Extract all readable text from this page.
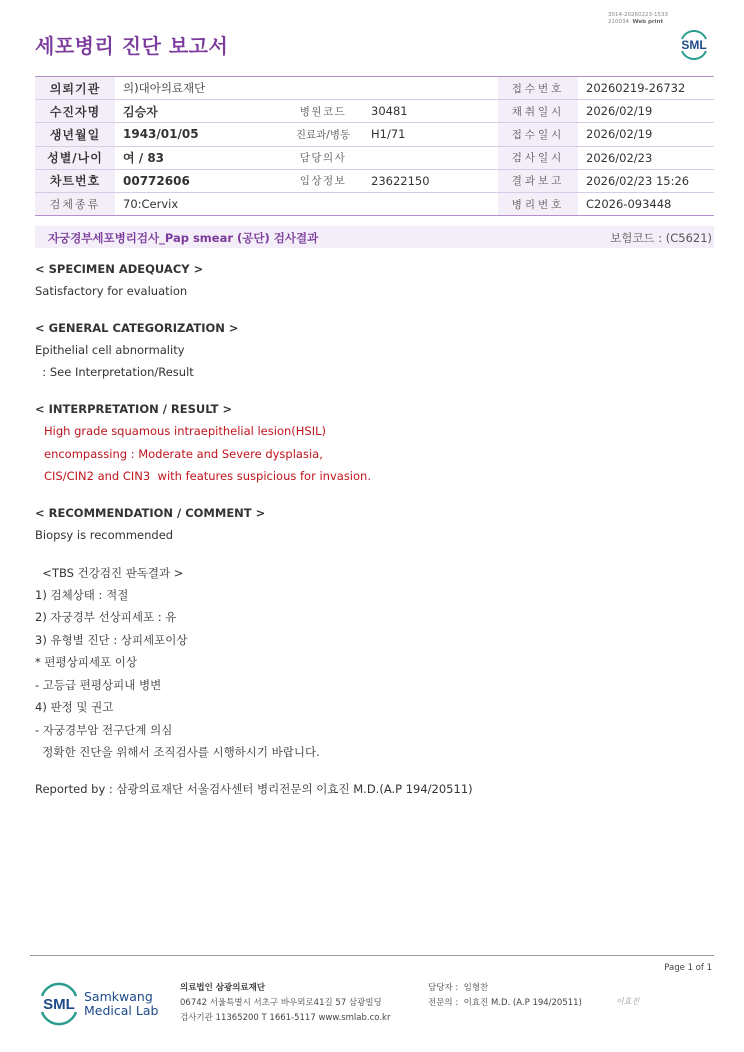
3014-20260223-1533
210034 Web print
세포병리 진단 보고서	SML
의뢰기관	의)대아의료재단			접수번호	20260219-26732
수진자명	김승자	병원코드	30481	채취일시	2026/02/19
생년월일	1943/01/05	진료과/병동	H1/71	접수일시	2026/02/19
성별/나이	여 / 83	담당의사		검사일시	2026/02/23
차트번호	00772606	임상정보	23622150	결과보고	2026/02/23 15:26
검체종류	70:Cervix			병리번호	C2026-093448
자궁경부세포병리검사_Pap smear (공단) 검사결과	보험코드 : (C5621)
< SPECIMEN ADEQUACY >
Satisfactory for evaluation
< GENERAL CATEGORIZATION >
Epithelial cell abnormality
: See Interpretation/Result
< INTERPRETATION / RESULT >
High grade squamous intraepithelial lesion(HSIL)
encompassing : Moderate and Severe dysplasia,
CIS/CIN2 and CIN3  with features suspicious for invasion.
< RECOMMENDATION / COMMENT >
Biopsy is recommended
<TBS 건강검진 판독결과 >
1) 검체상태 : 적절
2) 자궁경부 선상피세포 : 유
3) 유형별 진단 : 상피세포이상
* 편평상피세포 이상
- 고등급 편평상피내 병변
4) 판정 및 권고
- 자궁경부암 전구단계 의심
정확한 진단을 위해서 조직검사를 시행하시기 바랍니다.
Reported by : 삼광의료재단 서울검사센터 병리전문의 이효진 M.D.(A.P 194/20511)
Page 1 of 1
SML Samkwang
Medical Lab
의료법인 삼광의료재단
06742 서울특별시 서초구 바우뫼로41길 57 삼광빌딩
검사기관 11365200 T 1661-5117 www.smlab.co.kr
담당자 : 임형찬
전문의 : 이효진 M.D. (A.P 194/20511)	이효진
